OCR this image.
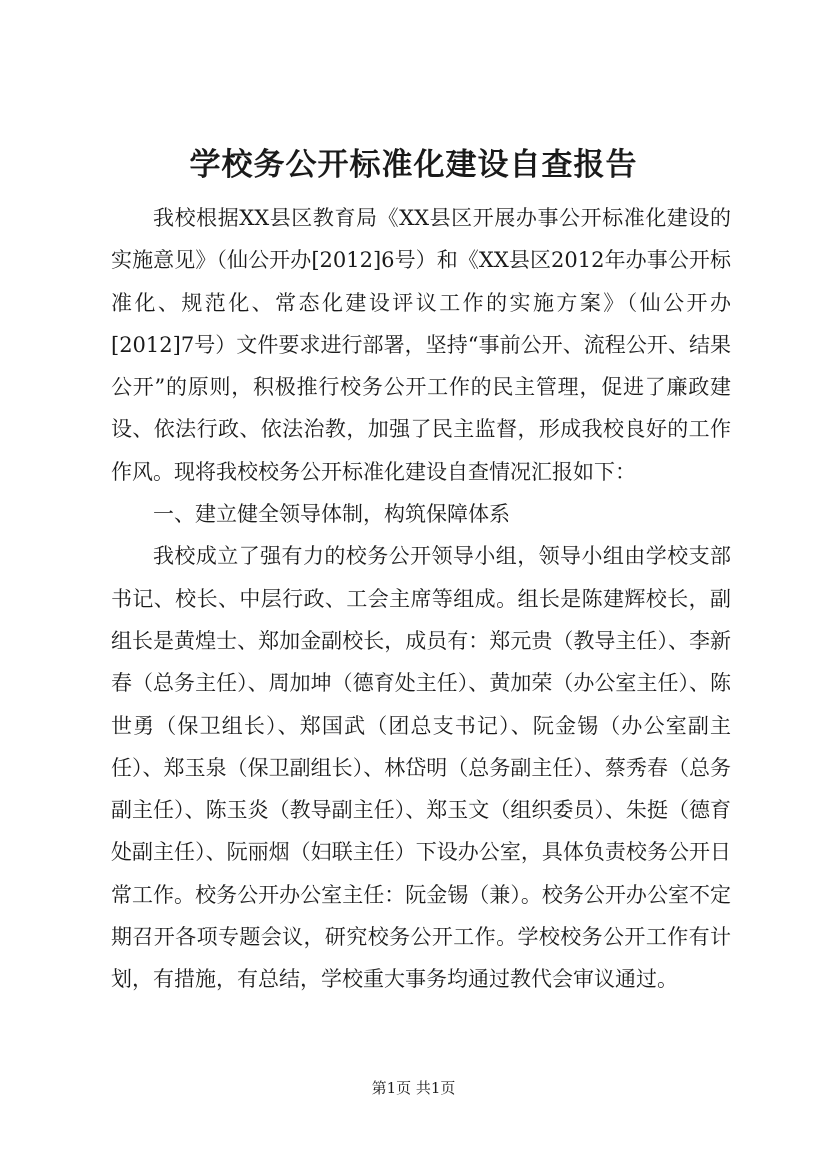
学校务公开标准化建设自查报告

我校根据XX县区教育局《XX县区开展办事公开标准化建设的实施意见》（仙公开办[2012]6号）和《XX县区2012年办事公开标准化、规范化、常态化建设评议工作的实施方案》（仙公开办[2012]7号）文件要求进行部署，坚持“事前公开、流程公开、结果公开”的原则，积极推行校务公开工作的民主管理，促进了廉政建设、依法行政、依法治教，加强了民主监督，形成我校良好的工作作风。现将我校校务公开标准化建设自查情况汇报如下：

一、建立健全领导体制，构筑保障体系

我校成立了强有力的校务公开领导小组，领导小组由学校支部书记、校长、中层行政、工会主席等组成。组长是陈建辉校长，副组长是黄煌士、郑加金副校长，成员有：郑元贵（教导主任）、李新春（总务主任）、周加坤（德育处主任）、黄加荣（办公室主任）、陈世勇（保卫组长）、郑国武（团总支书记）、阮金锡（办公室副主任）、郑玉泉（保卫副组长）、林岱明（总务副主任）、蔡秀春（总务副主任）、陈玉炎（教导副主任）、郑玉文（组织委员）、朱挺（德育处副主任）、阮丽烟（妇联主任）下设办公室，具体负责校务公开日常工作。校务公开办公室主任：阮金锡（兼）。校务公开办公室不定期召开各项专题会议，研究校务公开工作。学校校务公开工作有计划，有措施，有总结，学校重大事务均通过教代会审议通过。

第1页 共1页
